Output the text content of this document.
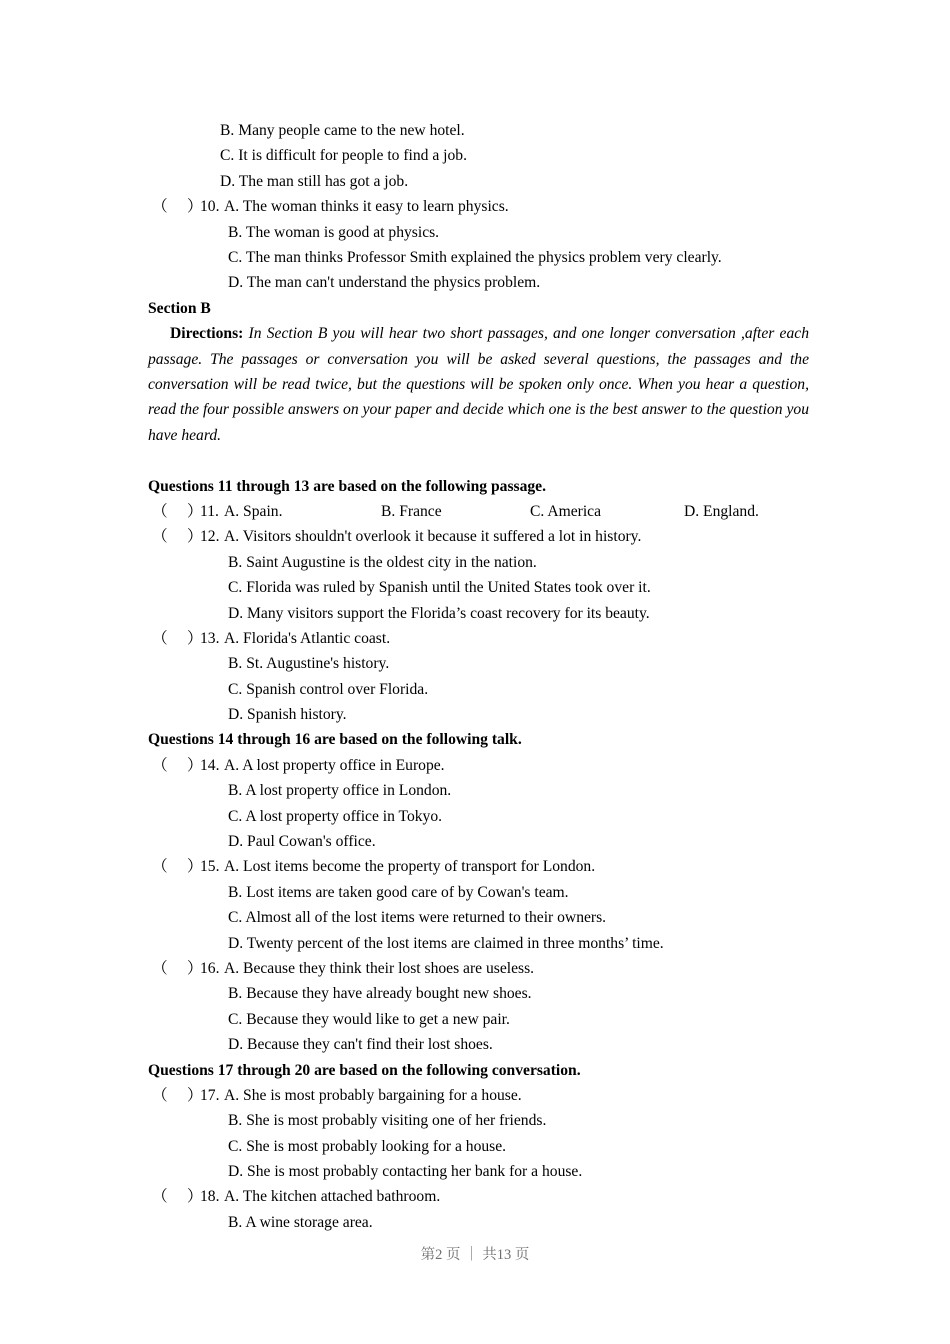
B. Many people came to the new hotel.
C. It is difficult for people to find a job.
D. The man still has got a job.
（ ）
10. A. The woman thinks it easy to learn physics.
B. The woman is good at physics.
C. The man thinks Professor Smith explained the physics problem very clearly.
D. The man can't understand the physics problem.
Section B

Directions: In Section B you will hear two short passages, and one longer conversation ,after each passage. The passages or conversation you will be asked several questions, the passages and the conversation will be read twice, but the questions will be spoken only once. When you hear a question, read the four possible answers on your paper and decide which one is the best answer to the question you have heard.

Questions 11 through 13 are based on the following passage.
（ ）
11. A. Spain.	B. France	C. America	D. England.
（ ）
12. A. Visitors shouldn't overlook it because it suffered a lot in history.
B. Saint Augustine is the oldest city in the nation.
C. Florida was ruled by Spanish until the United States took over it.
D. Many visitors support the Florida’s coast recovery for its beauty.
（ ）
13. A. Florida's Atlantic coast.
B. St. Augustine's history.
C. Spanish control over Florida.
D. Spanish history.
Questions 14 through 16 are based on the following talk.
（ ）
14. A. A lost property office in Europe.
B. A lost property office in London.
C. A lost property office in Tokyo.
D. Paul Cowan's office.
（ ）
15. A. Lost items become the property of transport for London.
B. Lost items are taken good care of by Cowan's team.
C. Almost all of the lost items were returned to their owners.
D. Twenty percent of the lost items are claimed in three months’ time.
（ ）
16. A. Because they think their lost shoes are useless.
B. Because they have already bought new shoes.
C. Because they would like to get a new pair.
D. Because they can't find their lost shoes.
Questions 17 through 20 are based on the following conversation.
（ ）
17. A. She is most probably bargaining for a house.
B. She is most probably visiting one of her friends.
C. She is most probably looking for a house.
D. She is most probably contacting her bank for a house.
（ ）
18. A. The kitchen attached bathroom.
B. A wine storage area.
第2 页 ｜ 共13 页
